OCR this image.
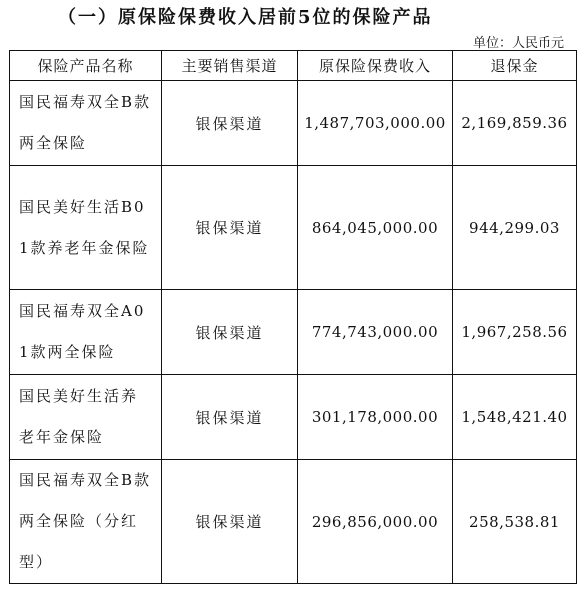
（一）原保险保费收入居前5位的保险产品
单位：人民币元
保险产品名称	主要销售渠道	原保险保费收入	退保金
国民福寿双全B款两全保险	银保渠道	1,487,703,000.00	2,169,859.36
国民美好生活B01款养老年金保险	银保渠道	864,045,000.00	944,299.03
国民福寿双全A01款两全保险	银保渠道	774,743,000.00	1,967,258.56
国民美好生活养老年金保险	银保渠道	301,178,000.00	1,548,421.40
国民福寿双全B款两全保险（分红型）	银保渠道	296,856,000.00	258,538.81
